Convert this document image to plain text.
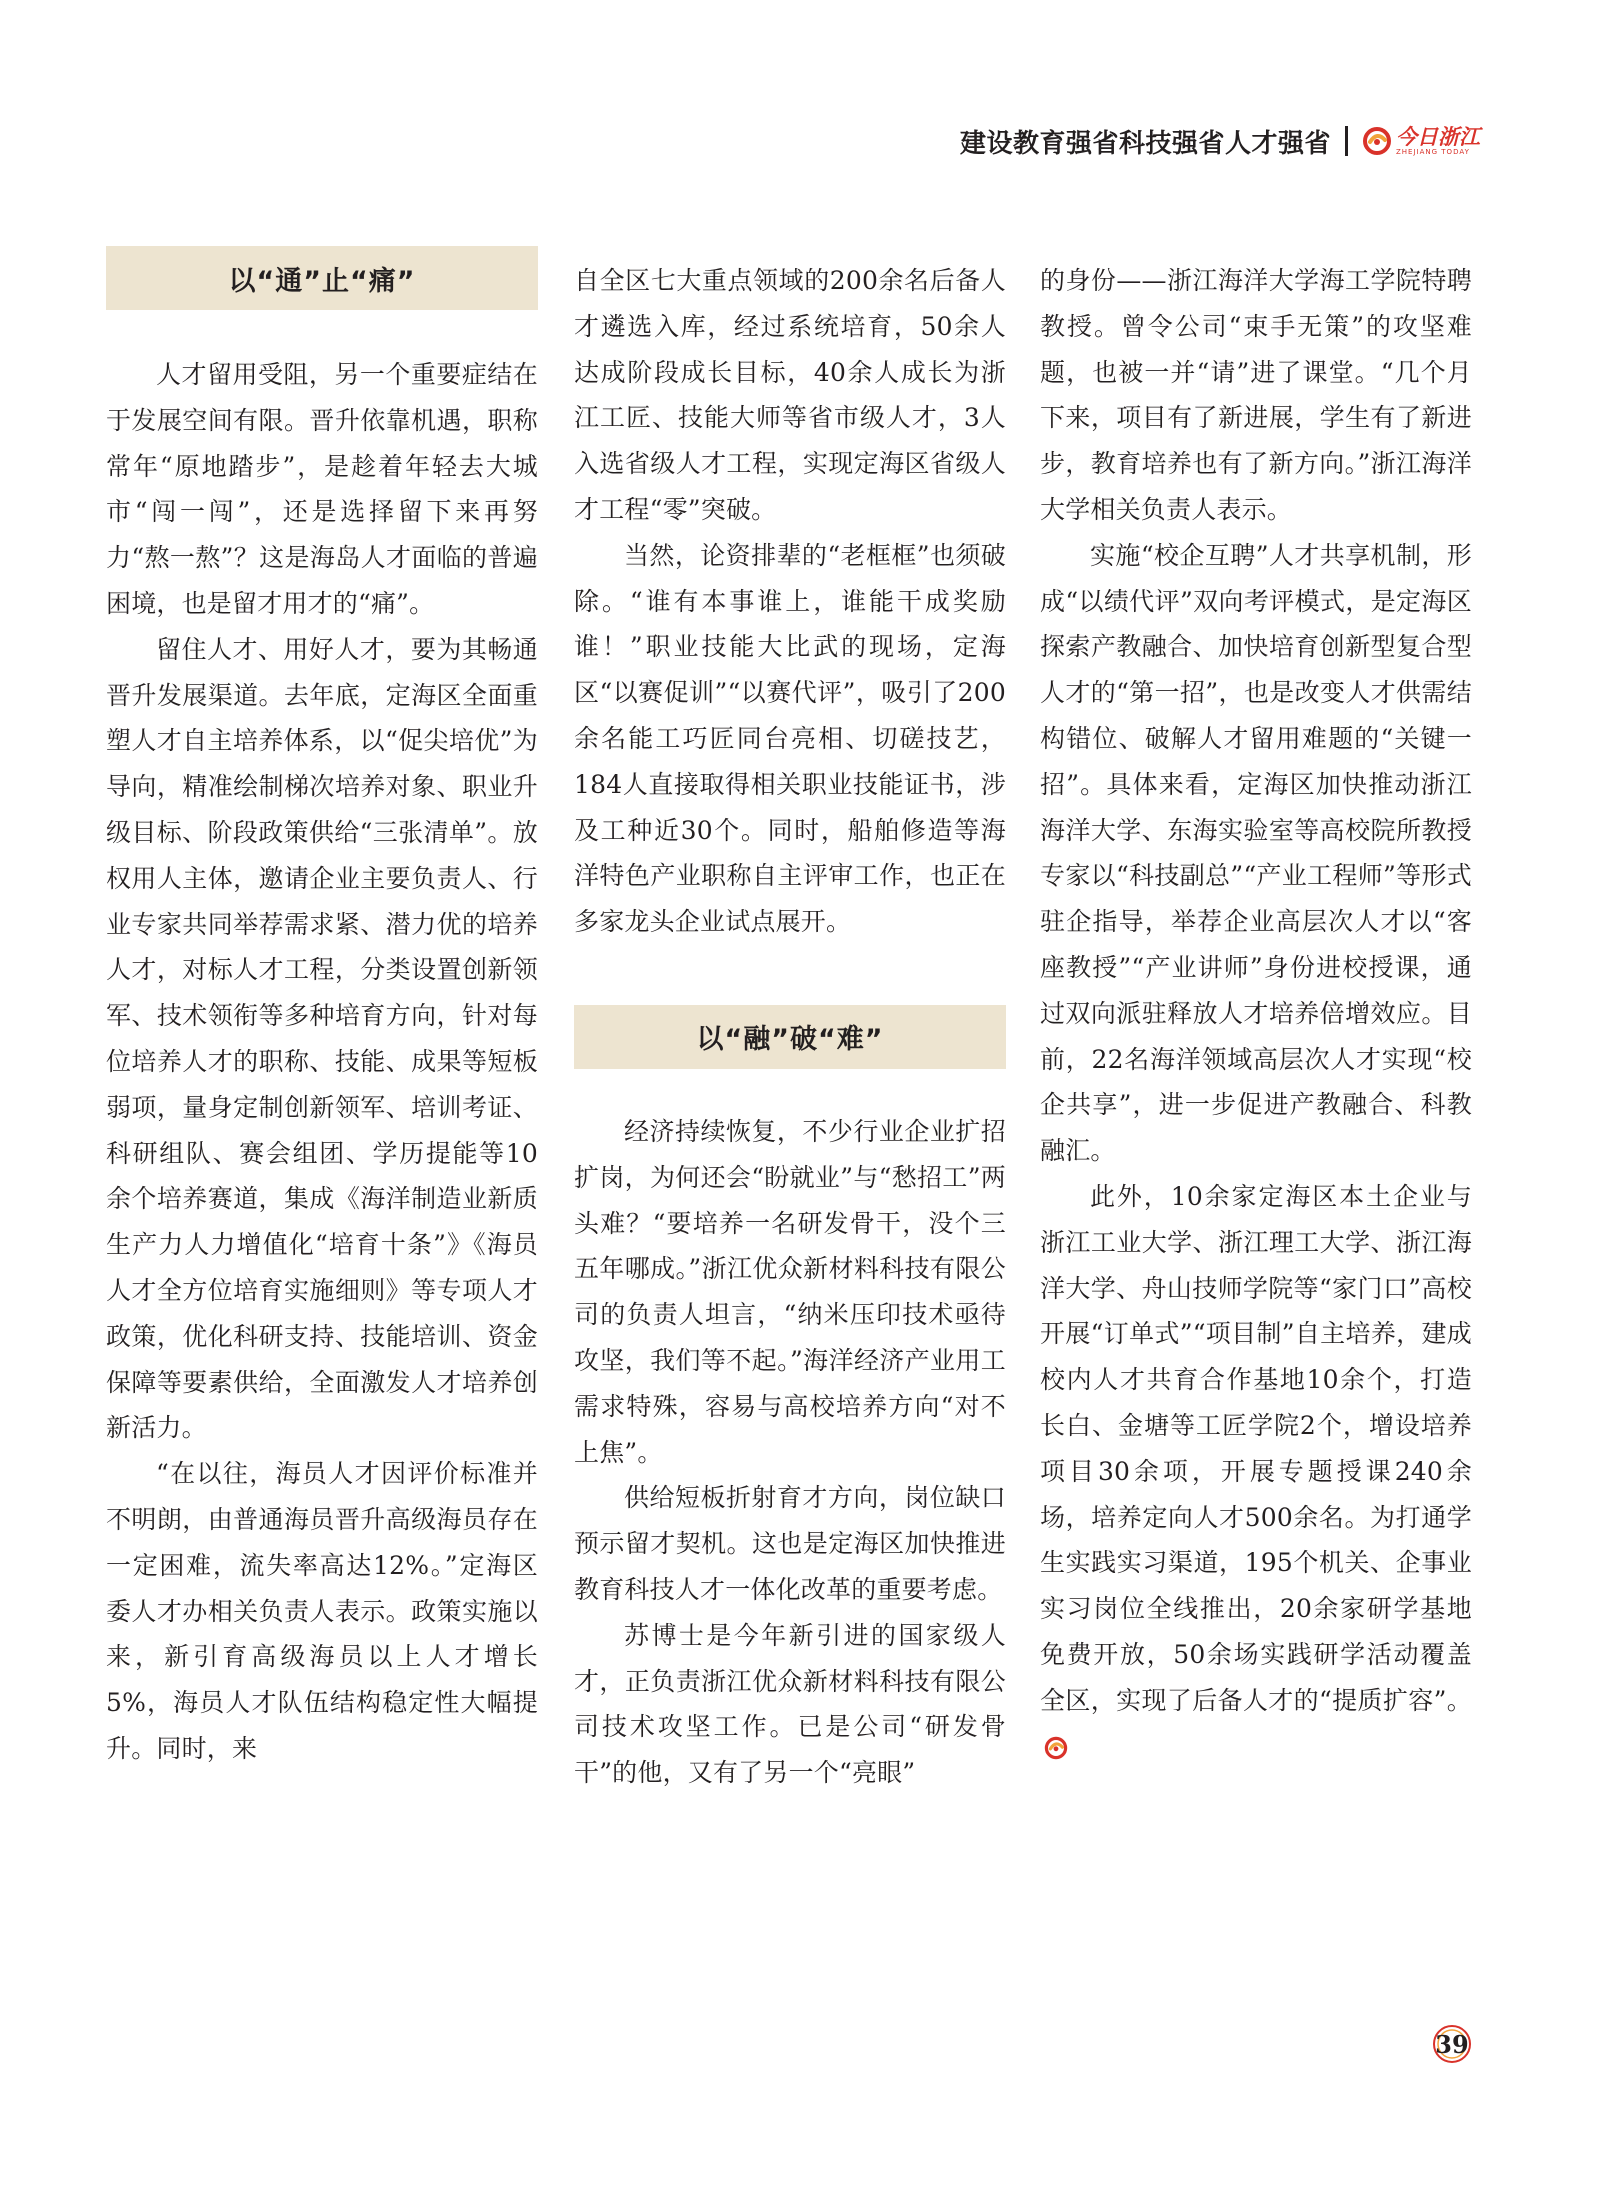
建设教育强省科技强省人才强省	今日浙江
ZHEJIANG TODAY
以“通”止“痛”

人才留用受阻，另一个重要症结在于发展空间有限。晋升依靠机遇，职称常年“原地踏步”，是趁着年轻去大城市“闯一闯”，还是选择留下来再努力“熬一熬”？这是海岛人才面临的普遍困境，也是留才用才的“痛”。

留住人才、用好人才，要为其畅通晋升发展渠道。去年底，定海区全面重塑人才自主培养体系，以“促尖培优”为导向，精准绘制梯次培养对象、职业升级目标、阶段政策供给“三张清单”。放权用人主体，邀请企业主要负责人、行业专家共同举荐需求紧、潜力优的培养人才，对标人才工程，分类设置创新领军、技术领衔等多种培育方向，针对每位培养人才的职称、技能、成果等短板弱项，量身定制创新领军、培训考证、科研组队、赛会组团、学历提能等10余个培养赛道，集成《海洋制造业新质生产力人力增值化“培育十条”》《海员人才全方位培育实施细则》等专项人才政策，优化科研支持、技能培训、资金保障等要素供给，全面激发人才培养创新活力。

“在以往，海员人才因评价标准并不明朗，由普通海员晋升高级海员存在一定困难，流失率高达12%。”定海区委人才办相关负责人表示。政策实施以来，新引育高级海员以上人才增长5%，海员人才队伍结构稳定性大幅提升。同时，来

自全区七大重点领域的200余名后备人才遴选入库，经过系统培育，50余人达成阶段成长目标，40余人成长为浙江工匠、技能大师等省市级人才，3人入选省级人才工程，实现定海区省级人才工程“零”突破。

当然，论资排辈的“老框框”也须破除。“谁有本事谁上，谁能干成奖励谁！”职业技能大比武的现场，定海区“以赛促训”“以赛代评”，吸引了200余名能工巧匠同台亮相、切磋技艺，184人直接取得相关职业技能证书，涉及工种近30个。同时，船舶修造等海洋特色产业职称自主评审工作，也正在多家龙头企业试点展开。

以“融”破“难”

经济持续恢复，不少行业企业扩招扩岗，为何还会“盼就业”与“愁招工”两头难？“要培养一名研发骨干，没个三五年哪成。”浙江优众新材料科技有限公司的负责人坦言，“纳米压印技术亟待攻坚，我们等不起。”海洋经济产业用工需求特殊，容易与高校培养方向“对不上焦”。

供给短板折射育才方向，岗位缺口预示留才契机。这也是定海区加快推进教育科技人才一体化改革的重要考虑。

苏博士是今年新引进的国家级人才，正负责浙江优众新材料科技有限公司技术攻坚工作。已是公司“研发骨干”的他，又有了另一个“亮眼”

的身份——浙江海洋大学海工学院特聘教授。曾令公司“束手无策”的攻坚难题，也被一并“请”进了课堂。“几个月下来，项目有了新进展，学生有了新进步，教育培养也有了新方向。”浙江海洋大学相关负责人表示。

实施“校企互聘”人才共享机制，形成“以绩代评”双向考评模式，是定海区探索产教融合、加快培育创新型复合型人才的“第一招”，也是改变人才供需结构错位、破解人才留用难题的“关键一招”。具体来看，定海区加快推动浙江海洋大学、东海实验室等高校院所教授专家以“科技副总”“产业工程师”等形式驻企指导，举荐企业高层次人才以“客座教授”“产业讲师”身份进校授课，通过双向派驻释放人才培养倍增效应。目前，22名海洋领域高层次人才实现“校企共享”，进一步促进产教融合、科教融汇。

此外，10余家定海区本土企业与浙江工业大学、浙江理工大学、浙江海洋大学、舟山技师学院等“家门口”高校开展“订单式”“项目制”自主培养，建成校内人才共育合作基地10余个，打造长白、金塘等工匠学院2个，增设培养项目30余项，开展专题授课240余场，培养定向人才500余名。为打通学生实践实习渠道，195个机关、企事业实习岗位全线推出，20余家研学基地免费开放，50余场实践研学活动覆盖全区，实现了后备人才的“提质扩容”。

39
